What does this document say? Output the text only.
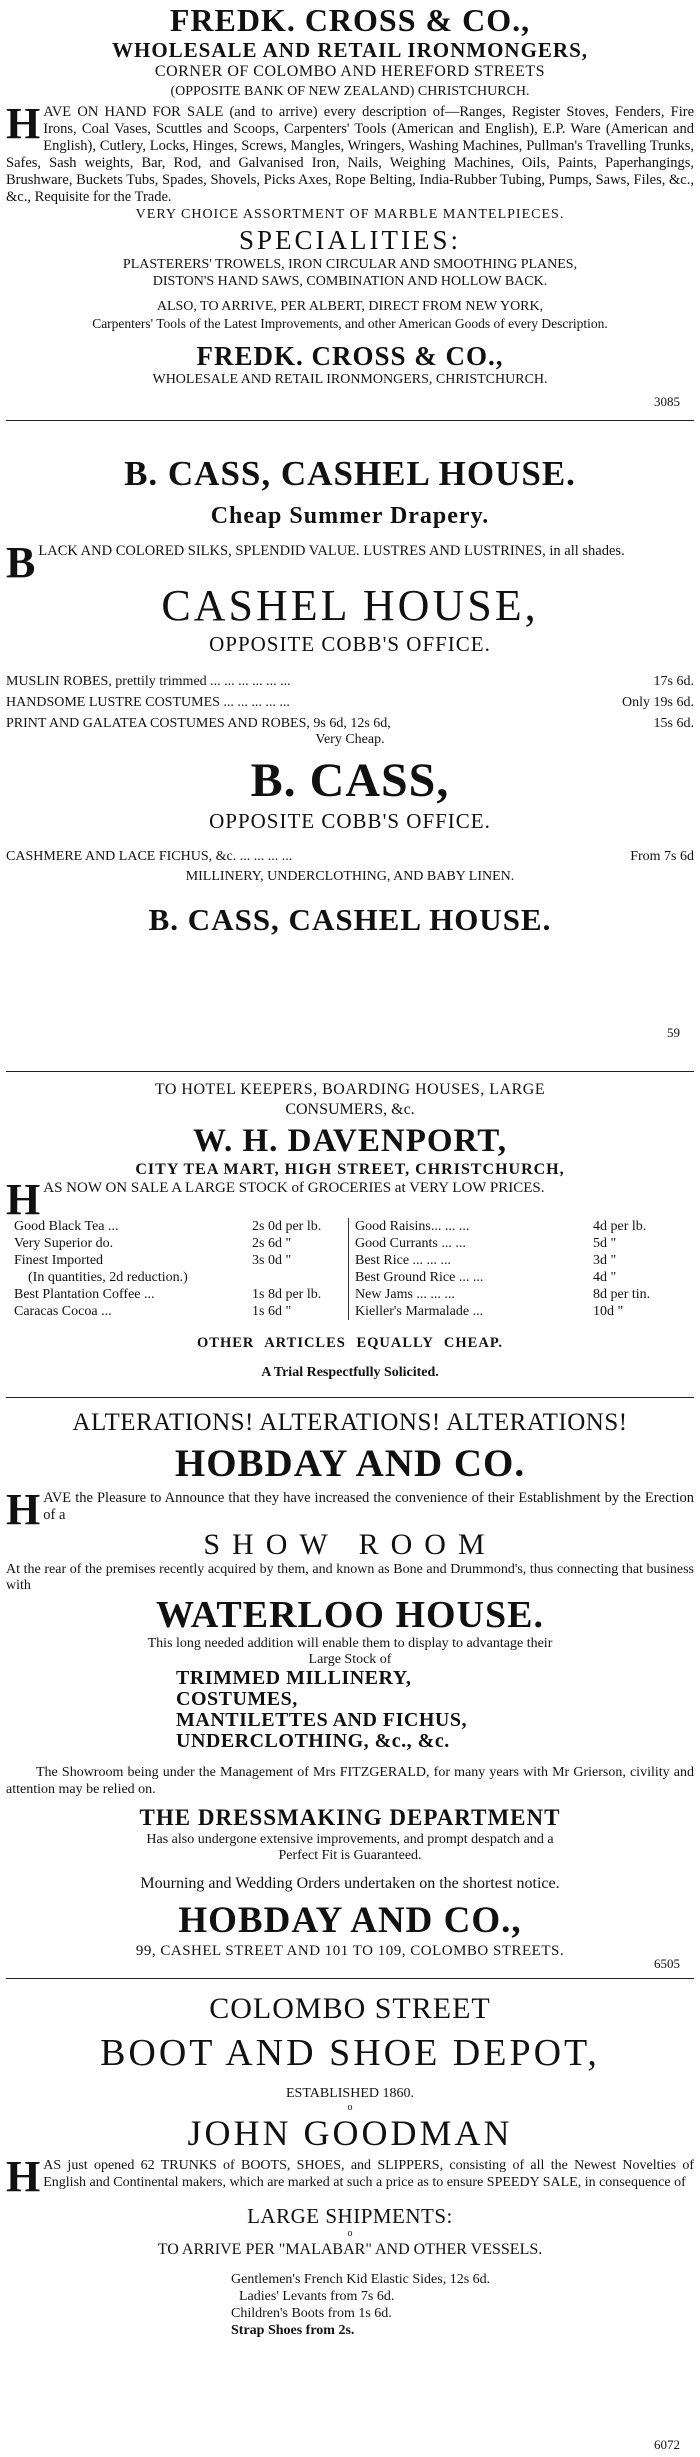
FREDK. CROSS & CO.,
WHOLESALE AND RETAIL IRONMONGERS,
CORNER OF COLOMBO AND HEREFORD STREETS
(OPPOSITE BANK OF NEW ZEALAND) CHRISTCHURCH.
H AVE ON HAND FOR SALE (and to arrive) every description of—Ranges, Register Stoves, Fenders, Fire Irons, Coal Vases, Scuttles and Scoops, Carpenters' Tools (American and English), E.P. Ware (American and English), Cutlery, Locks, Hinges, Screws, Mangles, Wringers, Washing Machines, Pullman's Travelling Trunks, Safes, Sash weights, Bar, Rod, and Galvanised Iron, Nails, Weighing Machines, Oils, Paints, Paperhangings, Brushware, Buckets Tubs, Spades, Shovels, Picks Axes, Rope Belting, India-Rubber Tubing, Pumps, Saws, Files, &c., &c., Requisite for the Trade.
VERY CHOICE ASSORTMENT OF MARBLE MANTELPIECES.
SPECIALITIES:
PLASTERERS' TROWELS, IRON CIRCULAR AND SMOOTHING PLANES,
DISTON'S HAND SAWS, COMBINATION AND HOLLOW BACK.
ALSO, TO ARRIVE, PER ALBERT, DIRECT FROM NEW YORK,
Carpenters' Tools of the Latest Improvements, and other American Goods of every Description.
FREDK. CROSS & CO.,
WHOLESALE AND RETAIL IRONMONGERS, CHRISTCHURCH.
3085
B. CASS, CASHEL HOUSE.
Cheap Summer Drapery.
B LACK AND COLORED SILKS, SPLENDID VALUE. LUSTRES AND LUSTRINES, in all shades.
CASHEL HOUSE,
OPPOSITE COBB'S OFFICE.
MUSLIN ROBES, prettily trimmed ... ... ... ... ... ...	17s 6d.
HANDSOME LUSTRE COSTUMES ... ... ... ... ...	Only 19s 6d.
PRINT AND GALATEA COSTUMES AND ROBES, 9s 6d, 12s 6d,	15s 6d.
Very Cheap.
B. CASS,
OPPOSITE COBB'S OFFICE.
CASHMERE AND LACE FICHUS, &c. ... ... ... ...	From 7s 6d
MILLINERY, UNDERCLOTHING, AND BABY LINEN.
B. CASS, CASHEL HOUSE.
59
TO HOTEL KEEPERS, BOARDING HOUSES, LARGE
CONSUMERS, &c.
W. H. DAVENPORT,
CITY TEA MART, HIGH STREET, CHRISTCHURCH,
H AS NOW ON SALE A LARGE STOCK of GROCERIES at VERY LOW PRICES.
Good Black Tea ...	2s 0d per lb.
Very Superior do.	2s 6d "
Finest Imported	3s 0d "
(In quantities, 2d reduction.)
Best Plantation Coffee ...	1s 8d per lb.
Caracas Cocoa ...	1s 6d "
Good Raisins... ... ...	4d per lb.
Good Currants ... ...	5d "
Best Rice ... ... ...	3d "
Best Ground Rice ... ...	4d "
New Jams ... ... ...	8d per tin.
Kieller's Marmalade ...	10d "
OTHER ARTICLES EQUALLY CHEAP.
A Trial Respectfully Solicited.
ALTERATIONS! ALTERATIONS! ALTERATIONS!
HOBDAY AND CO.
H AVE the Pleasure to Announce that they have increased the convenience of their Establishment by the Erection of a
SHOW ROOM
At the rear of the premises recently acquired by them, and known as Bone and Drummond's, thus connecting that business with
WATERLOO HOUSE.
This long needed addition will enable them to display to advantage their
Large Stock of
TRIMMED MILLINERY,
COSTUMES,
MANTILETTES AND FICHUS,
UNDERCLOTHING, &c., &c.
The Showroom being under the Management of Mrs FITZGERALD, for many years with Mr Grierson, civility and attention may be relied on.
THE DRESSMAKING DEPARTMENT
Has also undergone extensive improvements, and prompt despatch and a
Perfect Fit is Guaranteed.
Mourning and Wedding Orders undertaken on the shortest notice.
HOBDAY AND CO.,
99, CASHEL STREET AND 101 TO 109, COLOMBO STREETS.
6505
COLOMBO STREET
BOOT AND SHOE DEPOT,
ESTABLISHED 1860.
o
JOHN GOODMAN
H AS just opened 62 TRUNKS of BOOTS, SHOES, and SLIPPERS, consisting of all the Newest Novelties of English and Continental makers, which are marked at such a price as to ensure SPEEDY SALE, in consequence of
LARGE SHIPMENTS:
o
TO ARRIVE PER "MALABAR" AND OTHER VESSELS.
Gentlemen's French Kid Elastic Sides, 12s 6d.
Ladies' Levants from 7s 6d.
Children's Boots from 1s 6d.
Strap Shoes from 2s.
6072
